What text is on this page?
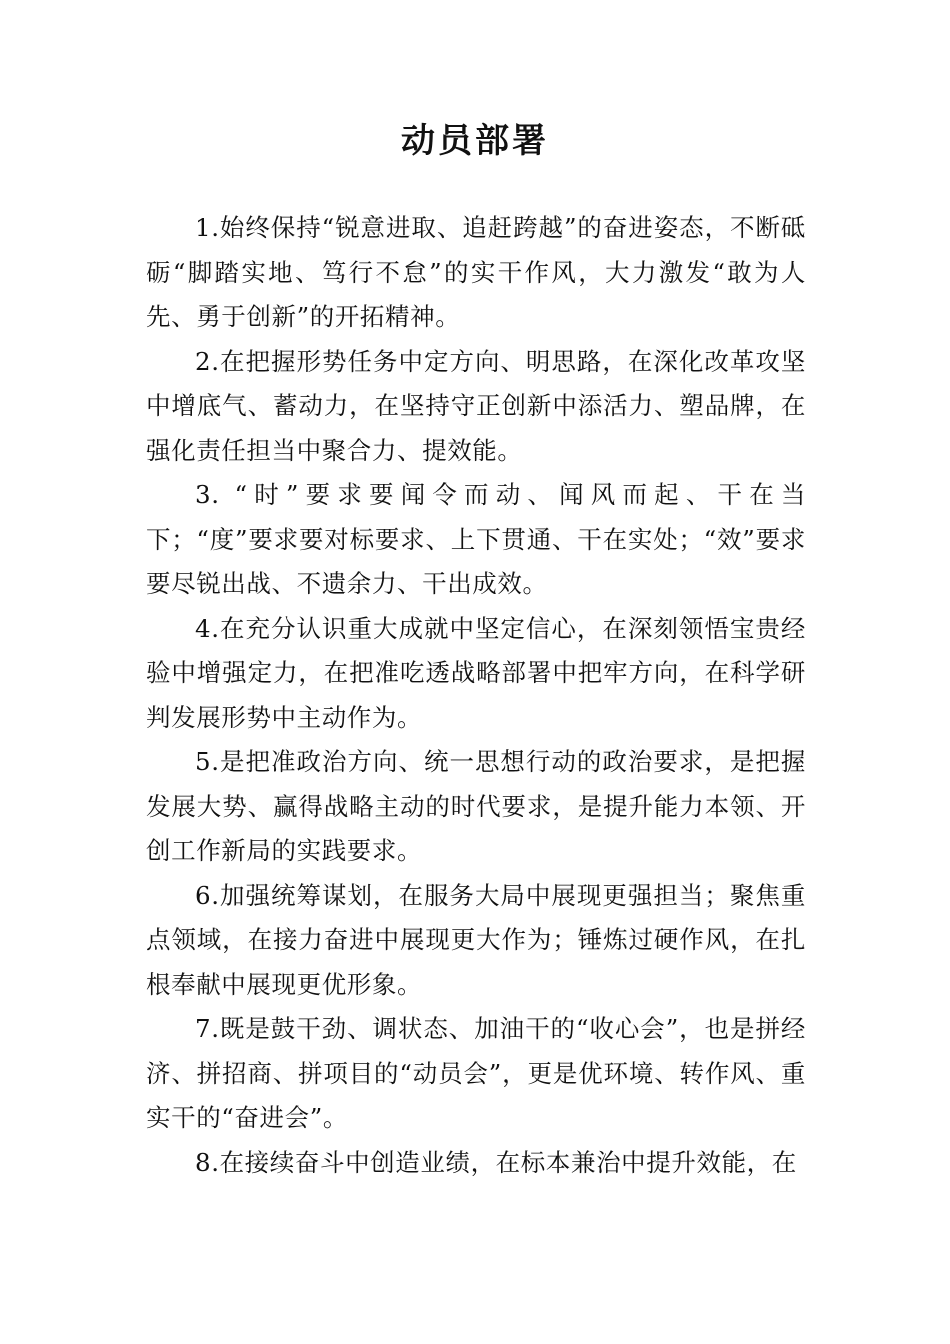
动员部署

1.始终保持“锐意进取、追赶跨越”的奋进姿态，不断砥砺“脚踏实地、笃行不怠”的实干作风，大力激发“敢为人先、勇于创新”的开拓精神。

2.在把握形势任务中定方向、明思路，在深化改革攻坚中增底气、蓄动力，在坚持守正创新中添活力、塑品牌，在强化责任担当中聚合力、提效能。

3. “时”要求要闻令而动、闻风而起、干在当下；“度”要求要对标要求、上下贯通、干在实处；“效”要求要尽锐出战、不遗余力、干出成效。

4.在充分认识重大成就中坚定信心，在深刻领悟宝贵经验中增强定力，在把准吃透战略部署中把牢方向，在科学研判发展形势中主动作为。

5.是把准政治方向、统一思想行动的政治要求，是把握发展大势、赢得战略主动的时代要求，是提升能力本领、开创工作新局的实践要求。

6.加强统筹谋划，在服务大局中展现更强担当；聚焦重点领域，在接力奋进中展现更大作为；锤炼过硬作风，在扎根奉献中展现更优形象。

7.既是鼓干劲、调状态、加油干的“收心会”，也是拼经济、拼招商、拼项目的“动员会”，更是优环境、转作风、重实干的“奋进会”。

8.在接续奋斗中创造业绩，在标本兼治中提升效能，在
